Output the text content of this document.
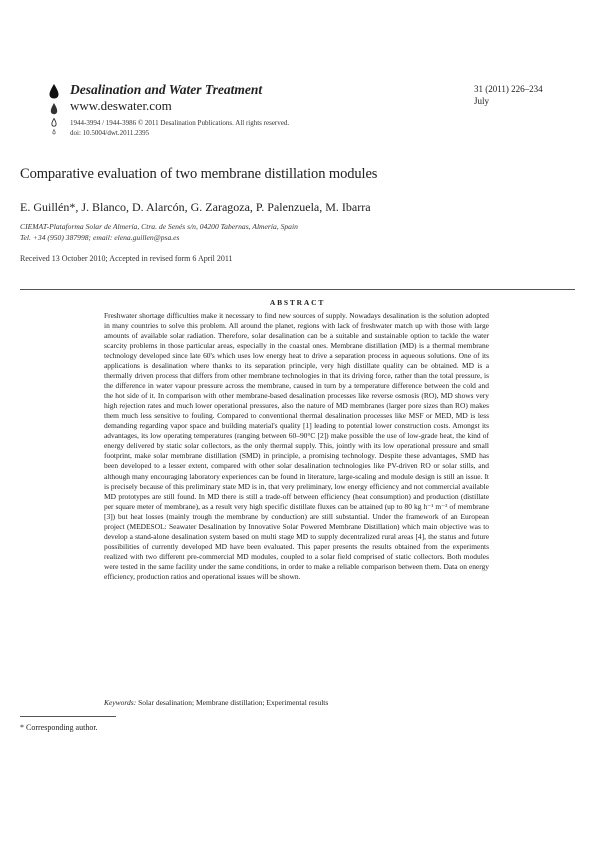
Desalination and Water Treatment
www.deswater.com
1944-3994 / 1944-3986 © 2011 Desalination Publications. All rights reserved.
doi: 10.5004/dwt.2011.2395
31 (2011) 226–234
July
Comparative evaluation of two membrane distillation modules
E. Guillén*, J. Blanco, D. Alarcón, G. Zaragoza, P. Palenzuela, M. Ibarra
CIEMAT-Plataforma Solar de Almería, Ctra. de Senés s/n, 04200 Tabernas, Almería, Spain
Tel. +34 (950) 387998; email: elena.guillen@psa.es
Received 13 October 2010; Accepted in revised form 6 April 2011
ABSTRACT
Freshwater shortage difficulties make it necessary to find new sources of supply. Nowadays desalination is the solution adopted in many countries to solve this problem. All around the planet, regions with lack of freshwater match up with those with large amounts of available solar radiation. Therefore, solar desalination can be a suitable and sustainable option to tackle the water scarcity problems in those particular areas, especially in the coastal ones. Membrane distillation (MD) is a thermal membrane technology developed since late 60's which uses low energy heat to drive a separation process in aqueous solutions. One of its applications is desalination where thanks to its separation principle, very high distillate quality can be obtained. MD is a thermally driven process that differs from other membrane technologies in that its driving force, rather than the total pressure, is the difference in water vapour pressure across the membrane, caused in turn by a temperature difference between the cold and the hot side of it. In comparison with other membrane-based desalination processes like reverse osmosis (RO), MD shows very high rejection rates and much lower operational pressures, also the nature of MD membranes (larger pore sizes than RO) makes them much less sensitive to fouling. Compared to conventional thermal desalination processes like MSF or MED, MD is less demanding regarding vapor space and building material's quality [1] leading to potential lower construction costs. Amongst its advantages, its low operating temperatures (ranging between 60–90°C [2]) make possible the use of low-grade heat, the kind of energy delivered by static solar collectors, as the only thermal supply. This, jointly with its low operational pressure and small footprint, make solar membrane distillation (SMD) in principle, a promising technology. Despite these advantages, SMD has been developed to a lesser extent, compared with other solar desalination technologies like PV-driven RO or solar stills, and although many encouraging laboratory experiences can be found in literature, large-scaling and module design is still an issue. It is precisely because of this preliminary state MD is in, that very preliminary, low energy efficiency and not commercial available MD prototypes are still found. In MD there is still a trade-off between efficiency (heat consumption) and production (distillate per square meter of membrane), as a result very high specific distillate fluxes can be attained (up to 80 kg h⁻¹ m⁻² of membrane [3]) but heat losses (mainly trough the membrane by conduction) are still substantial. Under the framework of an European project (MEDESOL: Seawater Desalination by Innovative Solar Powered Membrane Distillation) which main objective was to develop a stand-alone desalination system based on multi stage MD to supply decentralized rural areas [4], the status and future possibilities of currently developed MD have been evaluated. This paper presents the results obtained from the experiments realized with two different pre-commercial MD modules, coupled to a solar field comprised of static collectors. Both modules were tested in the same facility under the same conditions, in order to make a reliable comparison between them. Data on energy efficiency, production ratios and operational issues will be shown.
Keywords: Solar desalination; Membrane distillation; Experimental results
* Corresponding author.
